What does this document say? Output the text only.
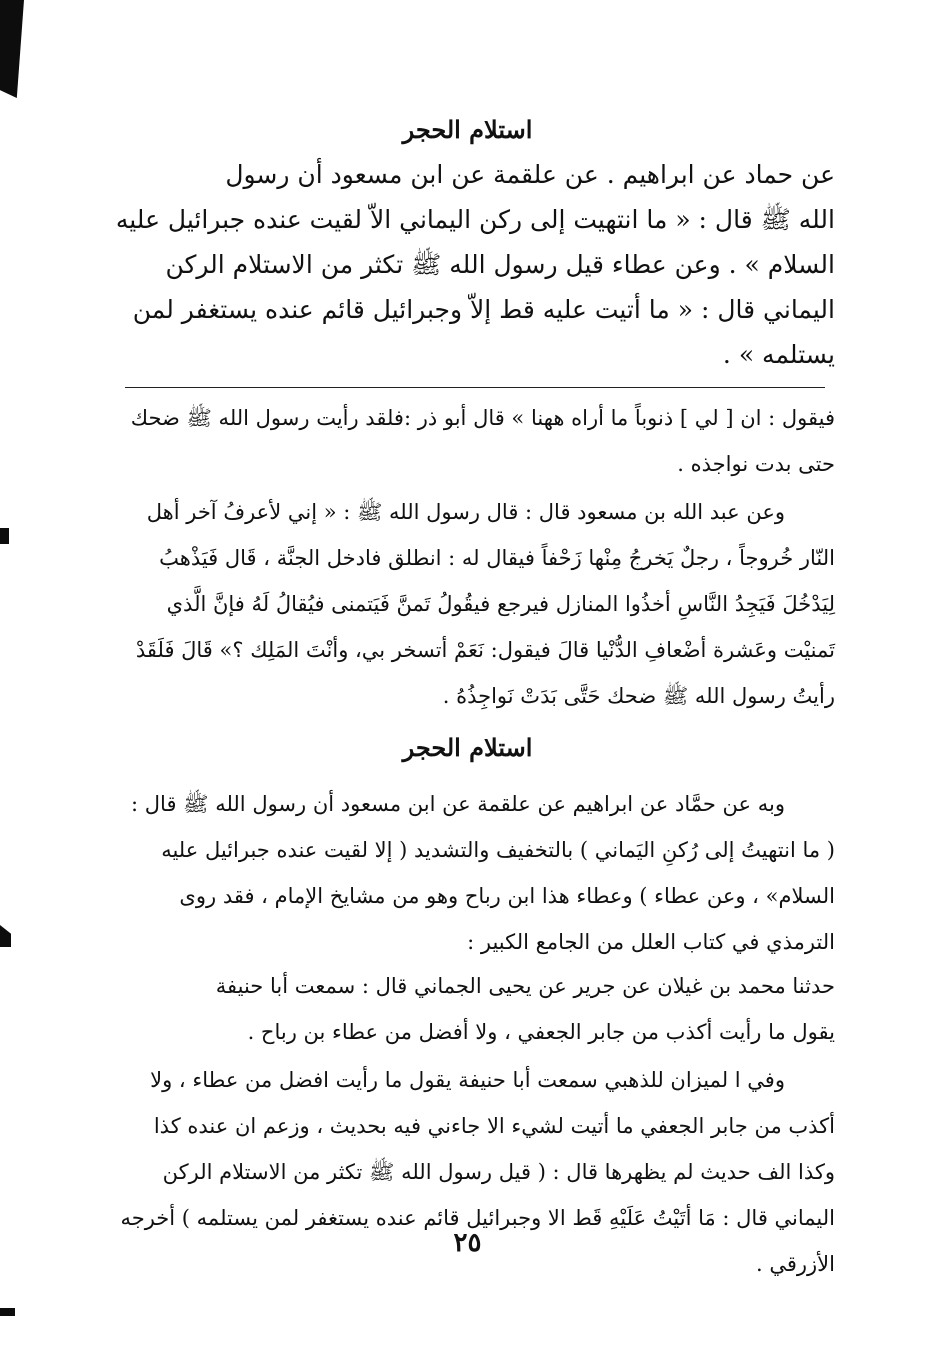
استلام الحجر

عن حماد عن ابراهيم . عن علقمة عن ابن مسعود أن رسول

الله ﷺ قال : « ما انتهيت إلى ركن اليماني الاّ لقيت عنده جبرائيل عليه

السلام » . وعن عطاء قيل رسول الله ﷺ تكثر من الاستلام الركن

اليماني قال : « ما أتيت عليه قط إلاّ وجبرائيل قائم عنده يستغفر لمن

يستلمه » .

فيقول : ان [ لي ] ذنوباً ما أراه ههنا » قال أبو ذر :فلقد رأيت رسول الله ﷺ ضحك

حتى بدت نواجذه .

وعن عبد الله بن مسعود قال : قال رسول الله ﷺ : « إني لأعرفُ آخر أهل

النّار خُروجاً ، رجلٌ يَخرجُ مِنْها زَحْفاً فيقال له : انطلق فادخل الجنَّة ، قَال فَيَذْهبُ

لِيَدْخُلَ فَيَجِدُ النَّاسِ أخذُوا المنازل فيرجع فيقُولُ تَمنَّ فَيَتمنى فيُقالُ لَهُ فإنَّ الَّذي

تَمنيْت وعَشرة أضْعافِ الدُّنْيا قالَ فيقول: نَعَمْ أتسخر بي، وأنْتَ المَلِك ؟» قَالَ فَلَقَدْ

رأيتُ رسول الله ﷺ ضحك حَتَّى بَدَتْ نَواجِذُهُ .

استلام الحجر

وبه عن حمَّاد عن ابراهيم عن علقمة عن ابن مسعود أن رسول الله ﷺ قال :

( ما انتهيتُ إلى رُكنِ اليَماني ) بالتخفيف والتشديد ( إلا لقيت عنده جبرائيل عليه

السلام» ، وعن عطاء ) وعطاء هذا ابن رباح وهو من مشايخ الإمام ، فقد روى

الترمذي في كتاب العلل من الجامع الكبير :

حدثنا محمد بن غيلان عن جرير عن يحيى الجماني قال : سمعت أبا حنيفة

يقول ما رأيت أكذب من جابر الجعفي ، ولا أفضل من عطاء بن رباح .

وفي ا لميزان للذهبي سمعت أبا حنيفة يقول ما رأيت افضل من عطاء ، ولا

أكذب من جابر الجعفي ما أتيت لشيء الا جاءني فيه بحديث ، وزعم ان عنده كذا

وكذا الف حديث لم يظهرها قال : ( قيل رسول الله ﷺ تكثر من الاستلام الركن

اليماني قال : مَا أتَيْتُ عَلَيْهِ قَط الا وجبرائيل قائم عنده يستغفر لمن يستلمه ) أخرجه

الأزرقي .

٢٥
